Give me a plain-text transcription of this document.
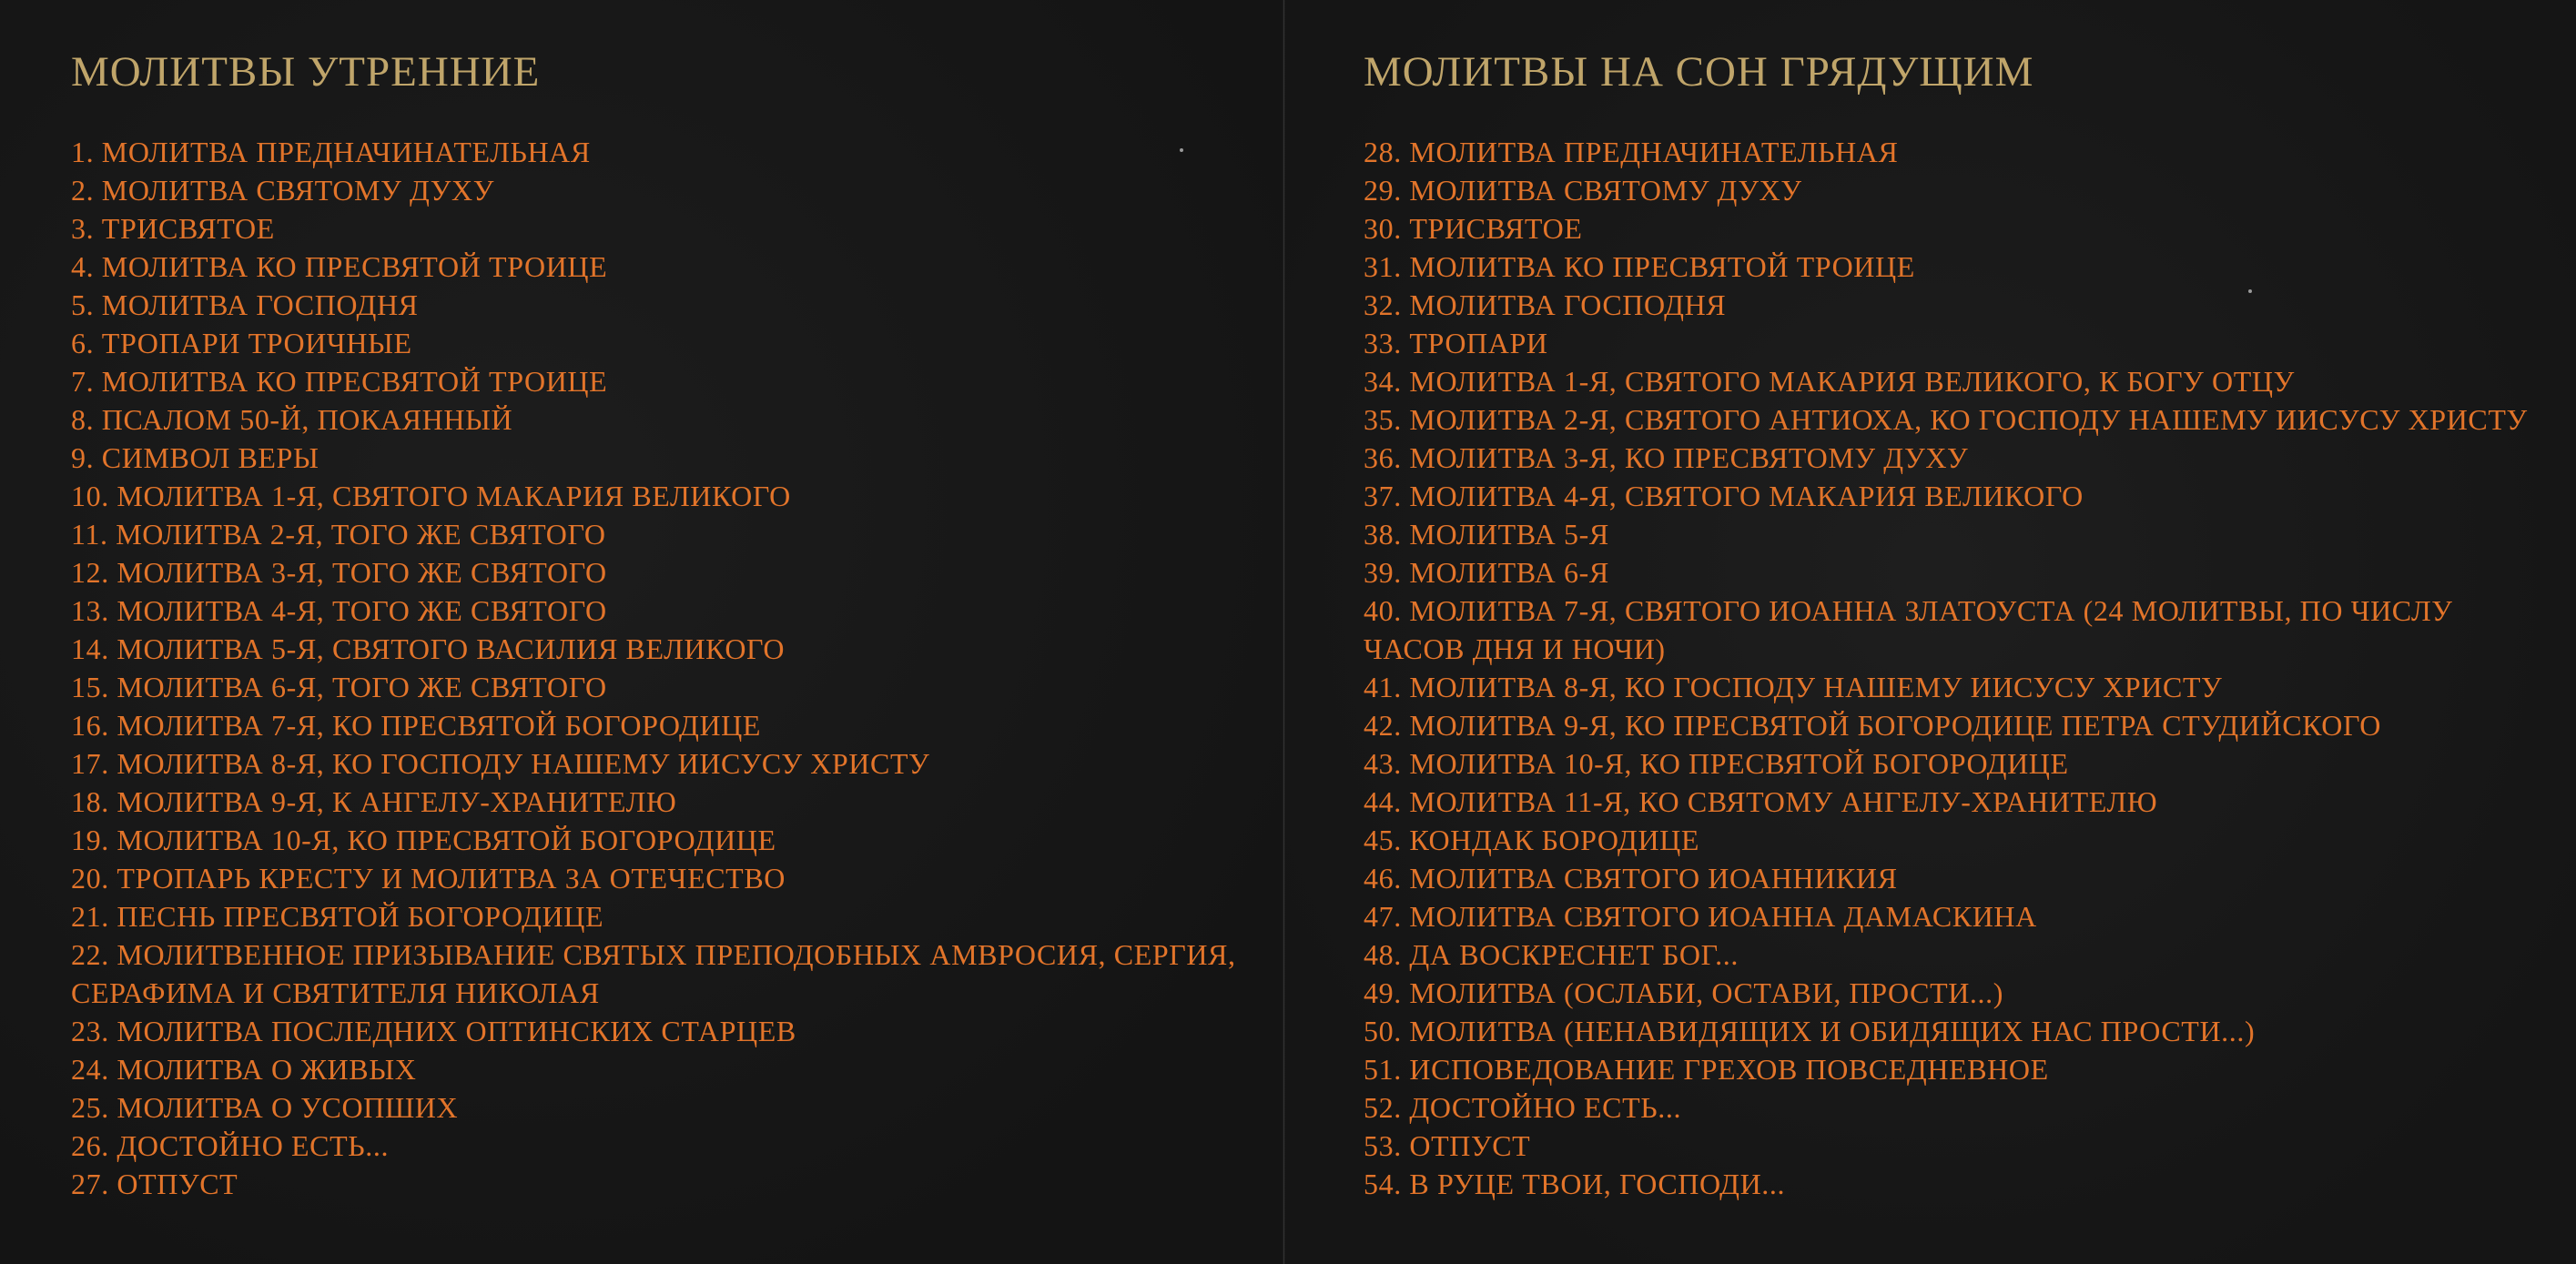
МОЛИТВЫ УТРЕННИЕ
1. МОЛИТВА ПРЕДНАЧИНАТЕЛЬНАЯ
2. МОЛИТВА СВЯТОМУ ДУХУ
3. ТРИСВЯТОЕ
4. МОЛИТВА КО ПРЕСВЯТОЙ ТРОИЦЕ
5. МОЛИТВА ГОСПОДНЯ
6. ТРОПАРИ ТРОИЧНЫЕ
7. МОЛИТВА КО ПРЕСВЯТОЙ ТРОИЦЕ
8. ПСАЛОМ 50-Й, ПОКАЯННЫЙ
9. СИМВОЛ ВЕРЫ
10. МОЛИТВА 1-Я, СВЯТОГО МАКАРИЯ ВЕЛИКОГО
11. МОЛИТВА 2-Я, ТОГО ЖЕ СВЯТОГО
12. МОЛИТВА 3-Я, ТОГО ЖЕ СВЯТОГО
13. МОЛИТВА 4-Я, ТОГО ЖЕ СВЯТОГО
14. МОЛИТВА 5-Я, СВЯТОГО ВАСИЛИЯ ВЕЛИКОГО
15. МОЛИТВА 6-Я, ТОГО ЖЕ СВЯТОГО
16. МОЛИТВА 7-Я, КО ПРЕСВЯТОЙ БОГОРОДИЦЕ
17. МОЛИТВА 8-Я, КО ГОСПОДУ НАШЕМУ ИИСУСУ ХРИСТУ
18. МОЛИТВА 9-Я, К АНГЕЛУ-ХРАНИТЕЛЮ
19. МОЛИТВА 10-Я, КО ПРЕСВЯТОЙ БОГОРОДИЦЕ
20. ТРОПАРЬ КРЕСТУ И МОЛИТВА ЗА ОТЕЧЕСТВО
21. ПЕСНЬ ПРЕСВЯТОЙ БОГОРОДИЦЕ
22. МОЛИТВЕННОЕ ПРИЗЫВАНИЕ СВЯТЫХ ПРЕПОДОБНЫХ АМВРОСИЯ, СЕРГИЯ, СЕРАФИМА И СВЯТИТЕЛЯ НИКОЛАЯ
23. МОЛИТВА ПОСЛЕДНИХ ОПТИНСКИХ СТАРЦЕВ
24. МОЛИТВА О ЖИВЫХ
25. МОЛИТВА О УСОПШИХ
26. ДОСТОЙНО ЕСТЬ...
27. ОТПУСТ
МОЛИТВЫ НА СОН ГРЯДУЩИМ
28. МОЛИТВА ПРЕДНАЧИНАТЕЛЬНАЯ
29. МОЛИТВА СВЯТОМУ ДУХУ
30. ТРИСВЯТОЕ
31. МОЛИТВА КО ПРЕСВЯТОЙ ТРОИЦЕ
32. МОЛИТВА ГОСПОДНЯ
33. ТРОПАРИ
34. МОЛИТВА 1-Я, СВЯТОГО МАКАРИЯ ВЕЛИКОГО, К БОГУ ОТЦУ
35. МОЛИТВА 2-Я, СВЯТОГО АНТИОХА, КО ГОСПОДУ НАШЕМУ ИИСУСУ ХРИСТУ
36. МОЛИТВА 3-Я, КО ПРЕСВЯТОМУ ДУХУ
37. МОЛИТВА 4-Я, СВЯТОГО МАКАРИЯ ВЕЛИКОГО
38. МОЛИТВА 5-Я
39. МОЛИТВА 6-Я
40. МОЛИТВА 7-Я, СВЯТОГО ИОАННА ЗЛАТОУСТА (24 МОЛИТВЫ, ПО ЧИСЛУ ЧАСОВ ДНЯ И НОЧИ)
41. МОЛИТВА 8-Я, КО ГОСПОДУ НАШЕМУ ИИСУСУ ХРИСТУ
42. МОЛИТВА 9-Я, КО ПРЕСВЯТОЙ БОГОРОДИЦЕ ПЕТРА СТУДИЙСКОГО
43. МОЛИТВА 10-Я, КО ПРЕСВЯТОЙ БОГОРОДИЦЕ
44. МОЛИТВА 11-Я, КО СВЯТОМУ АНГЕЛУ-ХРАНИТЕЛЮ
45. КОНДАК БОРОДИЦЕ
46. МОЛИТВА СВЯТОГО ИОАННИКИЯ
47. МОЛИТВА СВЯТОГО ИОАННА ДАМАСКИНА
48. ДА ВОСКРЕСНЕТ БОГ...
49. МОЛИТВА (ОСЛАБИ, ОСТАВИ, ПРОСТИ...)
50. МОЛИТВА (НЕНАВИДЯЩИХ И ОБИДЯЩИХ НАС ПРОСТИ...)
51. ИСПОВЕДОВАНИЕ ГРЕХОВ ПОВСЕДНЕВНОЕ
52. ДОСТОЙНО ЕСТЬ...
53. ОТПУСТ
54. В РУЦЕ ТВОИ, ГОСПОДИ...
